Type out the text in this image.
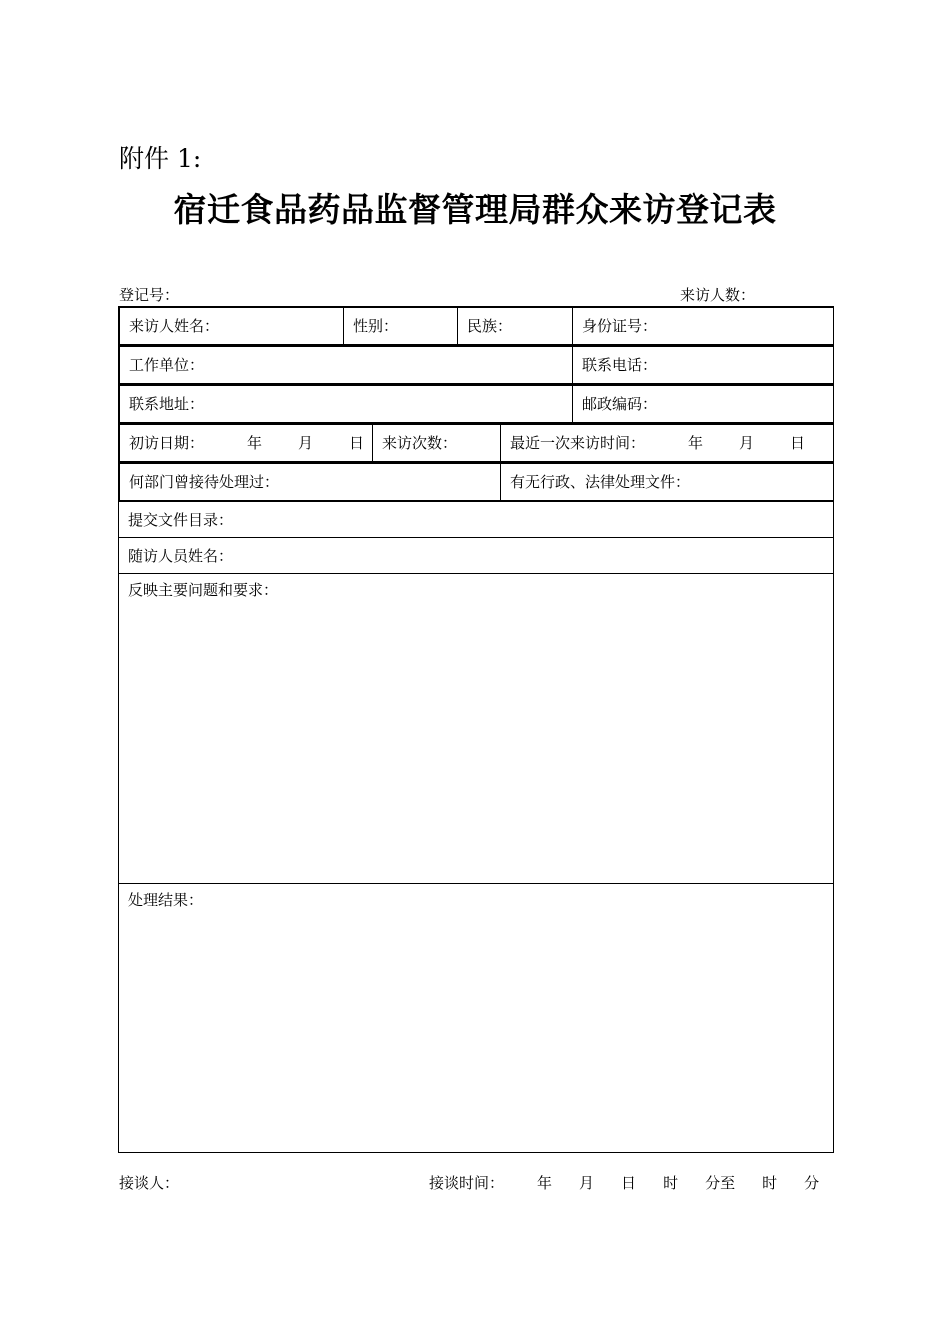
附件 1:
宿迁食品药品监督管理局群众来访登记表
登记号：	来访人数：
来访人姓名：	性别：	民族：	身份证号：

工作单位：	联系电话：

联系地址：	邮政编码：

初访日期：	年 月 日	来访次数：	最近一次来访时间：	年 月 日

何部门曾接待处理过：	有无行政、法律处理文件：

提交文件目录：
随访人员姓名：
反映主要问题和要求：
处理结果：
接谈人：	接谈时间： 年 月 日 时 分至 时 分
